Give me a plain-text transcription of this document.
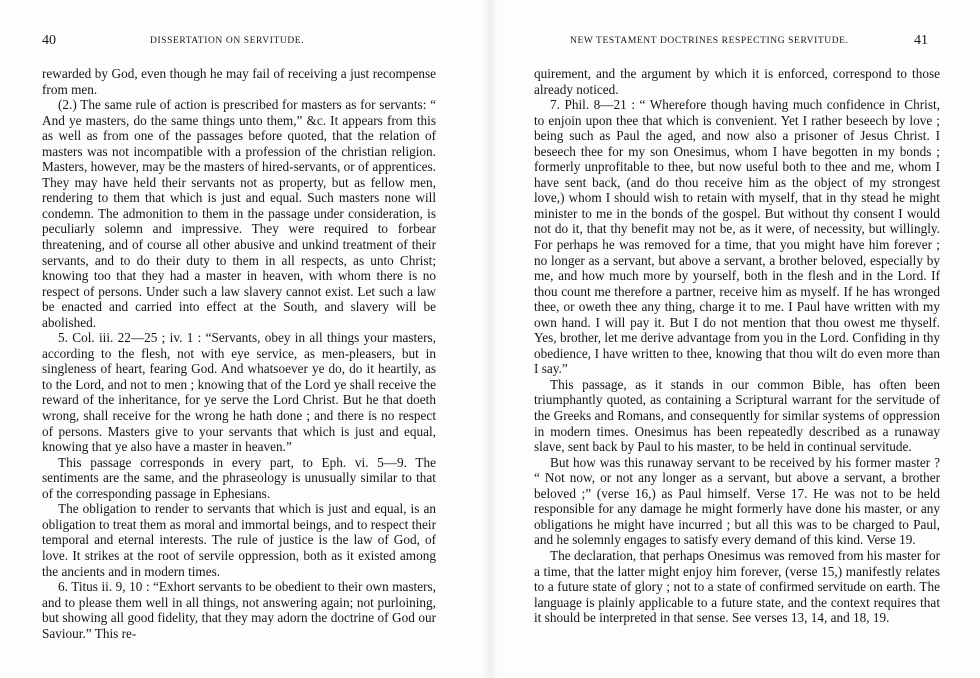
40	DISSERTATION ON SERVITUDE.

rewarded by God, even though he may fail of receiving a just recompense from men.

(2.) The same rule of action is prescribed for masters as for servants: “ And ye masters, do the same things unto them,” &c. It appears from this as well as from one of the passages before quoted, that the relation of masters was not incompatible with a profession of the christian religion. Masters, however, may be the masters of hired-servants, or of apprentices. They may have held their servants not as property, but as fellow men, rendering to them that which is just and equal. Such masters none will condemn. The admonition to them in the passage under consideration, is peculiarly solemn and impressive. They were required to forbear threatening, and of course all other abusive and unkind treatment of their servants, and to do their duty to them in all respects, as unto Christ; knowing too that they had a master in heaven, with whom there is no respect of persons. Under such a law slavery cannot exist. Let such a law be enacted and carried into effect at the South, and slavery will be abolished.

5. Col. iii. 22—25 ; iv. 1 : “Servants, obey in all things your masters, according to the flesh, not with eye service, as men-pleasers, but in singleness of heart, fearing God. And whatsoever ye do, do it heartily, as to the Lord, and not to men ; knowing that of the Lord ye shall receive the reward of the inheritance, for ye serve the Lord Christ. But he that doeth wrong, shall receive for the wrong he hath done ; and there is no respect of persons. Masters give to your servants that which is just and equal, knowing that ye also have a master in heaven.”

This passage corresponds in every part, to Eph. vi. 5—9. The sentiments are the same, and the phraseology is unusually similar to that of the corresponding passage in Ephesians.

The obligation to render to servants that which is just and equal, is an obligation to treat them as moral and immortal beings, and to respect their temporal and eternal interests. The rule of justice is the law of God, of love. It strikes at the root of servile oppression, both as it existed among the ancients and in modern times.

6. Titus ii. 9, 10 : “Exhort servants to be obedient to their own masters, and to please them well in all things, not answering again; not purloining, but showing all good fidelity, that they may adorn the doctrine of God our Saviour.” This re-

NEW TESTAMENT DOCTRINES RESPECTING SERVITUDE.	41

quirement, and the argument by which it is enforced, correspond to those already noticed.

7. Phil. 8—21 : “ Wherefore though having much confidence in Christ, to enjoin upon thee that which is convenient. Yet I rather beseech by love ; being such as Paul the aged, and now also a prisoner of Jesus Christ. I beseech thee for my son Onesimus, whom I have begotten in my bonds ; formerly unprofitable to thee, but now useful both to thee and me, whom I have sent back, (and do thou receive him as the object of my strongest love,) whom I should wish to retain with myself, that in thy stead he might minister to me in the bonds of the gospel. But without thy consent I would not do it, that thy benefit may not be, as it were, of necessity, but willingly. For perhaps he was removed for a time, that you might have him forever ; no longer as a servant, but above a servant, a brother beloved, especially by me, and how much more by yourself, both in the flesh and in the Lord. If thou count me therefore a partner, receive him as myself. If he has wronged thee, or oweth thee any thing, charge it to me. I Paul have written with my own hand. I will pay it. But I do not mention that thou owest me thyself. Yes, brother, let me derive advantage from you in the Lord. Confiding in thy obedience, I have written to thee, knowing that thou wilt do even more than I say.”

This passage, as it stands in our common Bible, has often been triumphantly quoted, as containing a Scriptural warrant for the servitude of the Greeks and Romans, and consequently for similar systems of oppression in modern times. Onesimus has been repeatedly described as a runaway slave, sent back by Paul to his master, to be held in continual servitude.

But how was this runaway servant to be received by his former master ? “ Not now, or not any longer as a servant, but above a servant, a brother beloved ;” (verse 16,) as Paul himself. Verse 17. He was not to be held responsible for any damage he might formerly have done his master, or any obligations he might have incurred ; but all this was to be charged to Paul, and he solemnly engages to satisfy every demand of this kind. Verse 19.

The declaration, that perhaps Onesimus was removed from his master for a time, that the latter might enjoy him forever, (verse 15,) manifestly relates to a future state of glory ; not to a state of confirmed servitude on earth. The language is plainly applicable to a future state, and the context requires that it should be interpreted in that sense. See verses 13, 14, and 18, 19.
